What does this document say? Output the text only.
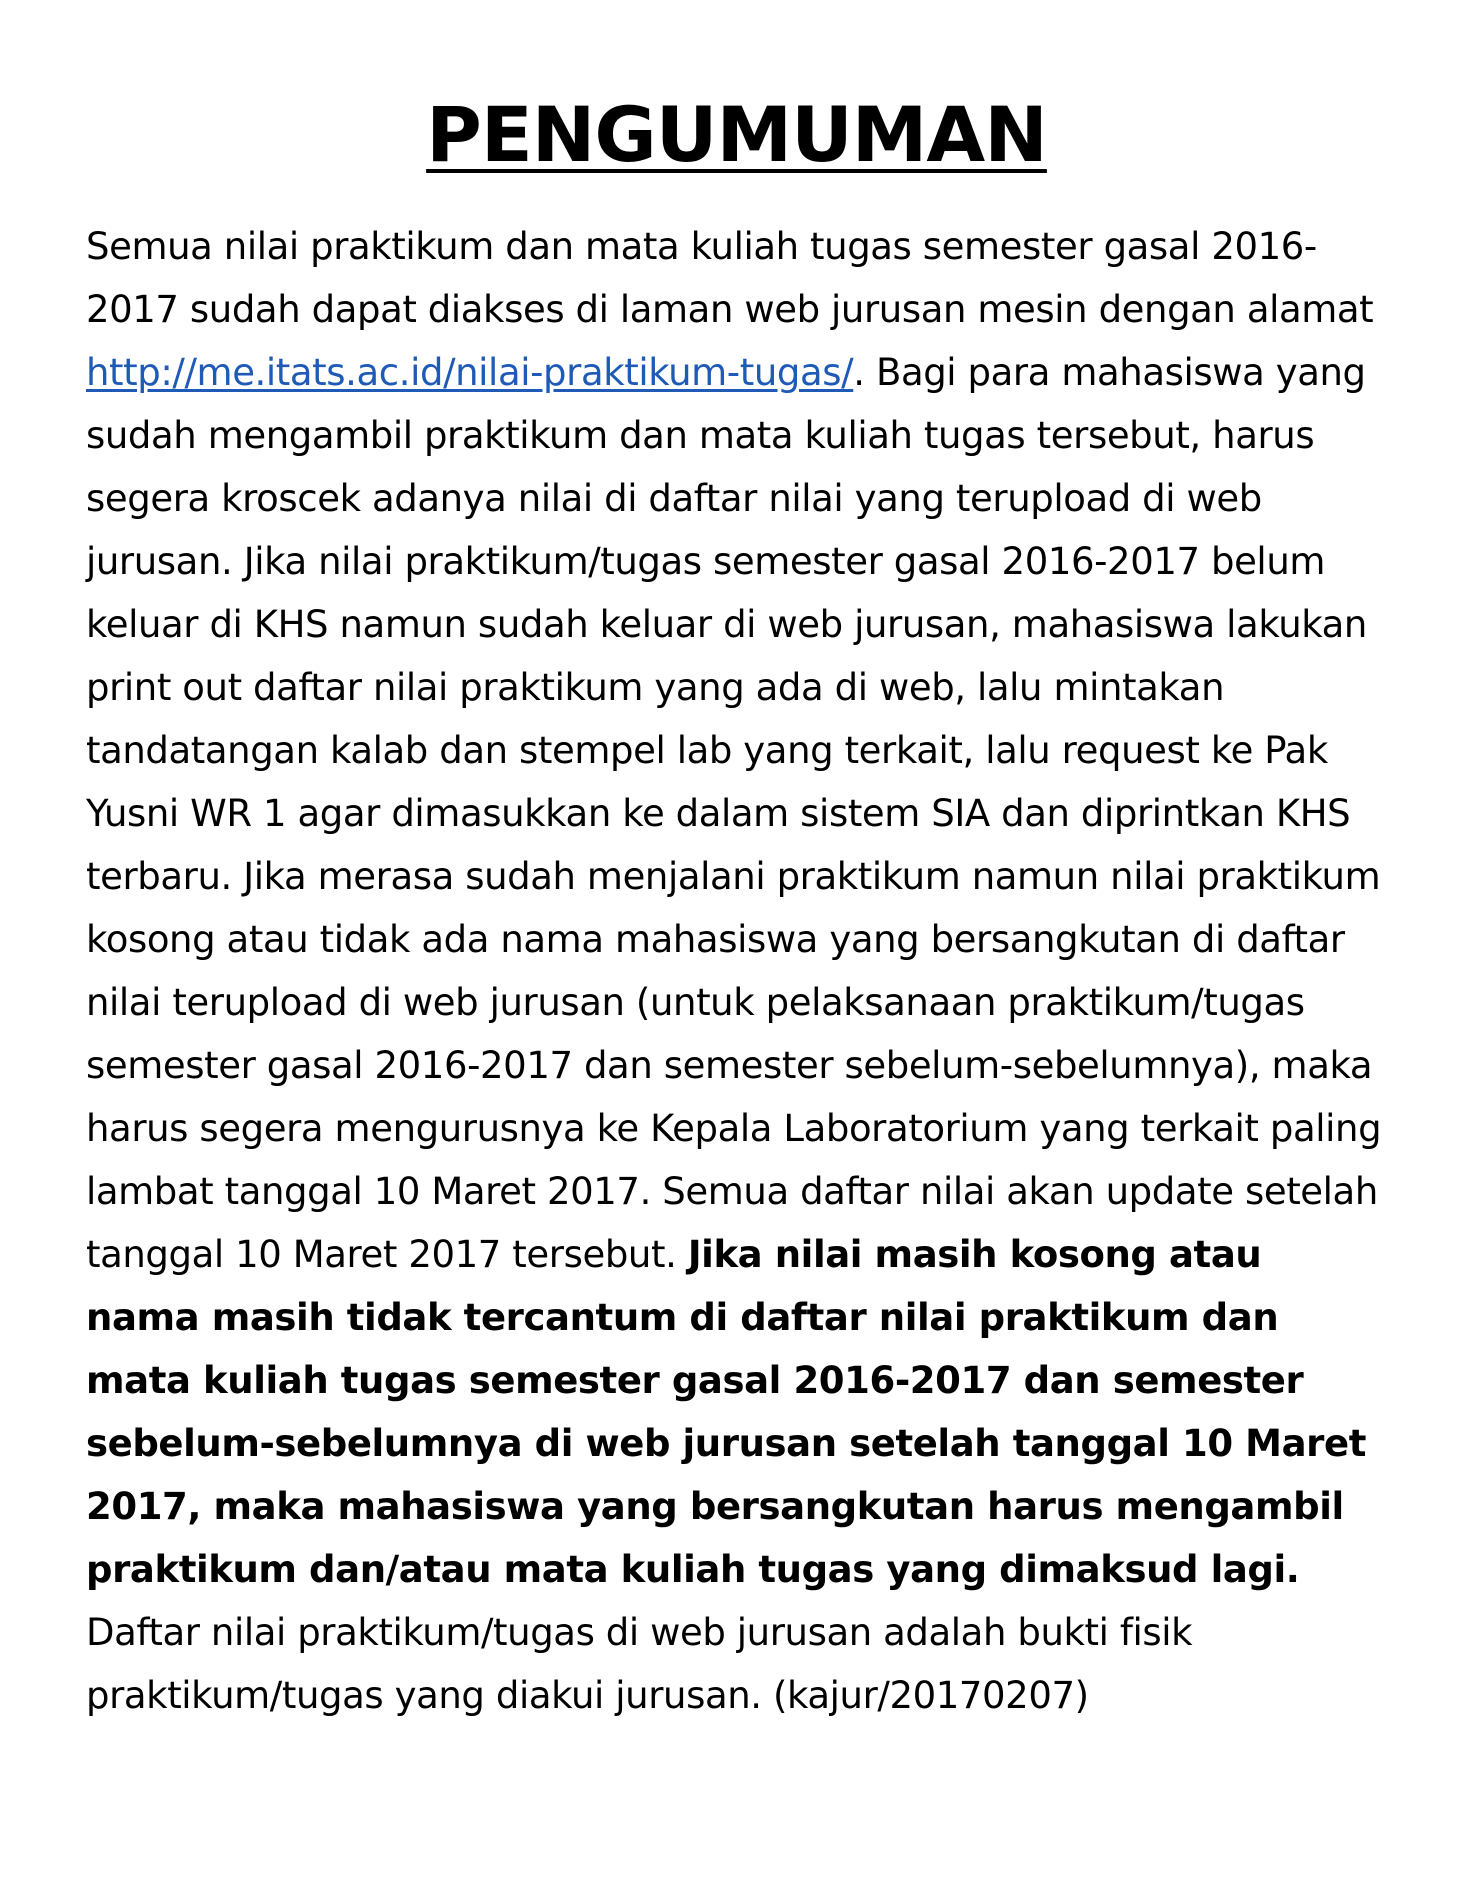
PENGUMUMAN

Semua nilai praktikum dan mata kuliah tugas semester gasal 2016-2017 sudah dapat diakses di laman web jurusan mesin dengan alamat http://me.itats.ac.id/nilai-praktikum-tugas/. Bagi para mahasiswa yang sudah mengambil praktikum dan mata kuliah tugas tersebut, harus segera kroscek adanya nilai di daftar nilai yang terupload di web jurusan. Jika nilai praktikum/tugas semester gasal 2016-2017 belum keluar di KHS namun sudah keluar di web jurusan, mahasiswa lakukan print out daftar nilai praktikum yang ada di web, lalu mintakan tandatangan kalab dan stempel lab yang terkait, lalu request ke Pak Yusni WR 1 agar dimasukkan ke dalam sistem SIA dan diprintkan KHS terbaru. Jika merasa sudah menjalani praktikum namun nilai praktikum kosong atau tidak ada nama mahasiswa yang bersangkutan di daftar nilai terupload di web jurusan (untuk pelaksanaan praktikum/tugas semester gasal 2016-2017 dan semester sebelum-sebelumnya), maka harus segera mengurusnya ke Kepala Laboratorium yang terkait paling lambat tanggal 10 Maret 2017. Semua daftar nilai akan update setelah tanggal 10 Maret 2017 tersebut. Jika nilai masih kosong atau nama masih tidak tercantum di daftar nilai praktikum dan mata kuliah tugas semester gasal 2016-2017 dan semester sebelum-sebelumnya di web jurusan setelah tanggal 10 Maret 2017, maka mahasiswa yang bersangkutan harus mengambil praktikum dan/atau mata kuliah tugas yang dimaksud lagi. Daftar nilai praktikum/tugas di web jurusan adalah bukti fisik praktikum/tugas yang diakui jurusan. (kajur/20170207)
